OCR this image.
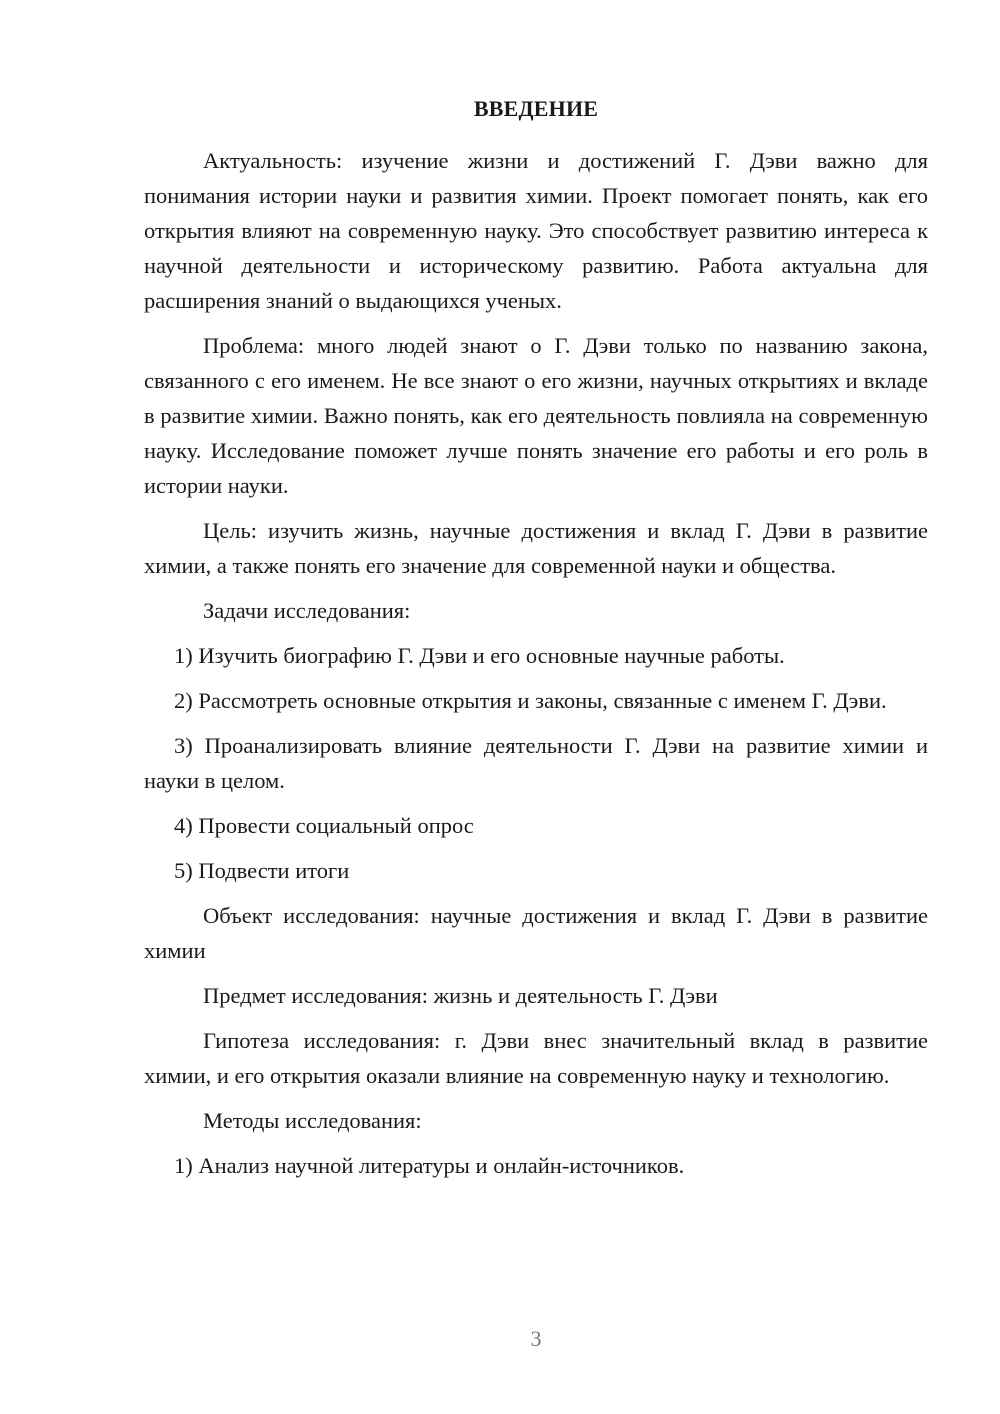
ВВЕДЕНИЕ

Актуальность: изучение жизни и достижений Г. Дэви важно для понимания истории науки и развития химии. Проект помогает понять, как его открытия влияют на современную науку. Это способствует развитию интереса к научной деятельности и историческому развитию. Работа актуальна для расширения знаний о выдающихся ученых.

Проблема: много людей знают о Г. Дэви только по названию закона, связанного с его именем. Не все знают о его жизни, научных открытиях и вкладе в развитие химии. Важно понять, как его деятельность повлияла на современную науку. Исследование поможет лучше понять значение его работы и его роль в истории науки.

Цель: изучить жизнь, научные достижения и вклад Г. Дэви в развитие химии, а также понять его значение для современной науки и общества.

Задачи исследования:

1) Изучить биографию Г. Дэви и его основные научные работы.

2) Рассмотреть основные открытия и законы, связанные с именем Г. Дэви.

3) Проанализировать влияние деятельности Г. Дэви на развитие химии и науки в целом.

4) Провести социальный опрос

5) Подвести итоги

Объект исследования: научные достижения и вклад Г. Дэви в развитие химии

Предмет исследования: жизнь и деятельность Г. Дэви

Гипотеза исследования: г. Дэви внес значительный вклад в развитие химии, и его открытия оказали влияние на современную науку и технологию.

Методы исследования:

1) Анализ научной литературы и онлайн-источников.

3
